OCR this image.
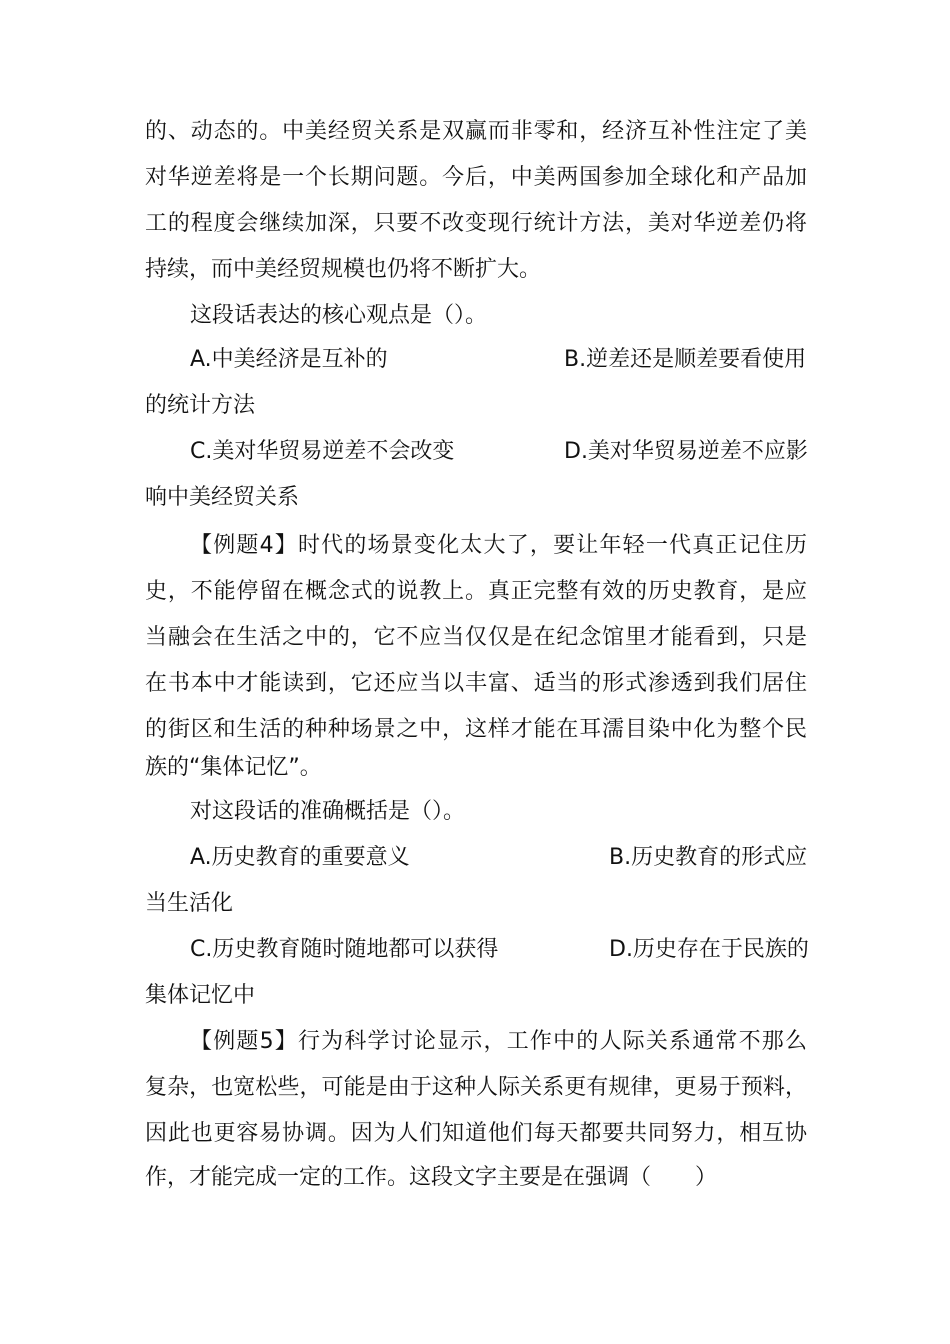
的、动态的。中美经贸关系是双赢而非零和，经济互补性注定了美
对华逆差将是一个长期问题。今后，中美两国参加全球化和产品加
工的程度会继续加深，只要不改变现行统计方法，美对华逆差仍将
持续，而中美经贸规模也仍将不断扩大。
这段话表达的核心观点是（）。
A.中美经济是互补的	B.逆差还是顺差要看使用
的统计方法
C.美对华贸易逆差不会改变	D.美对华贸易逆差不应影
响中美经贸关系
【例题4】时代的场景变化太大了，要让年轻一代真正记住历
史，不能停留在概念式的说教上。真正完整有效的历史教育，是应
当融会在生活之中的，它不应当仅仅是在纪念馆里才能看到，只是
在书本中才能读到，它还应当以丰富、适当的形式渗透到我们居住
的街区和生活的种种场景之中，这样才能在耳濡目染中化为整个民
族的“集体记忆”。
对这段话的准确概括是（）。
A.历史教育的重要意义	B.历史教育的形式应
当生活化
C.历史教育随时随地都可以获得	D.历史存在于民族的
集体记忆中
【例题5】行为科学讨论显示，工作中的人际关系通常不那么
复杂，也宽松些，可能是由于这种人际关系更有规律，更易于预料，
因此也更容易协调。因为人们知道他们每天都要共同努力，相互协
作，才能完成一定的工作。这段文字主要是在强调（　　）
